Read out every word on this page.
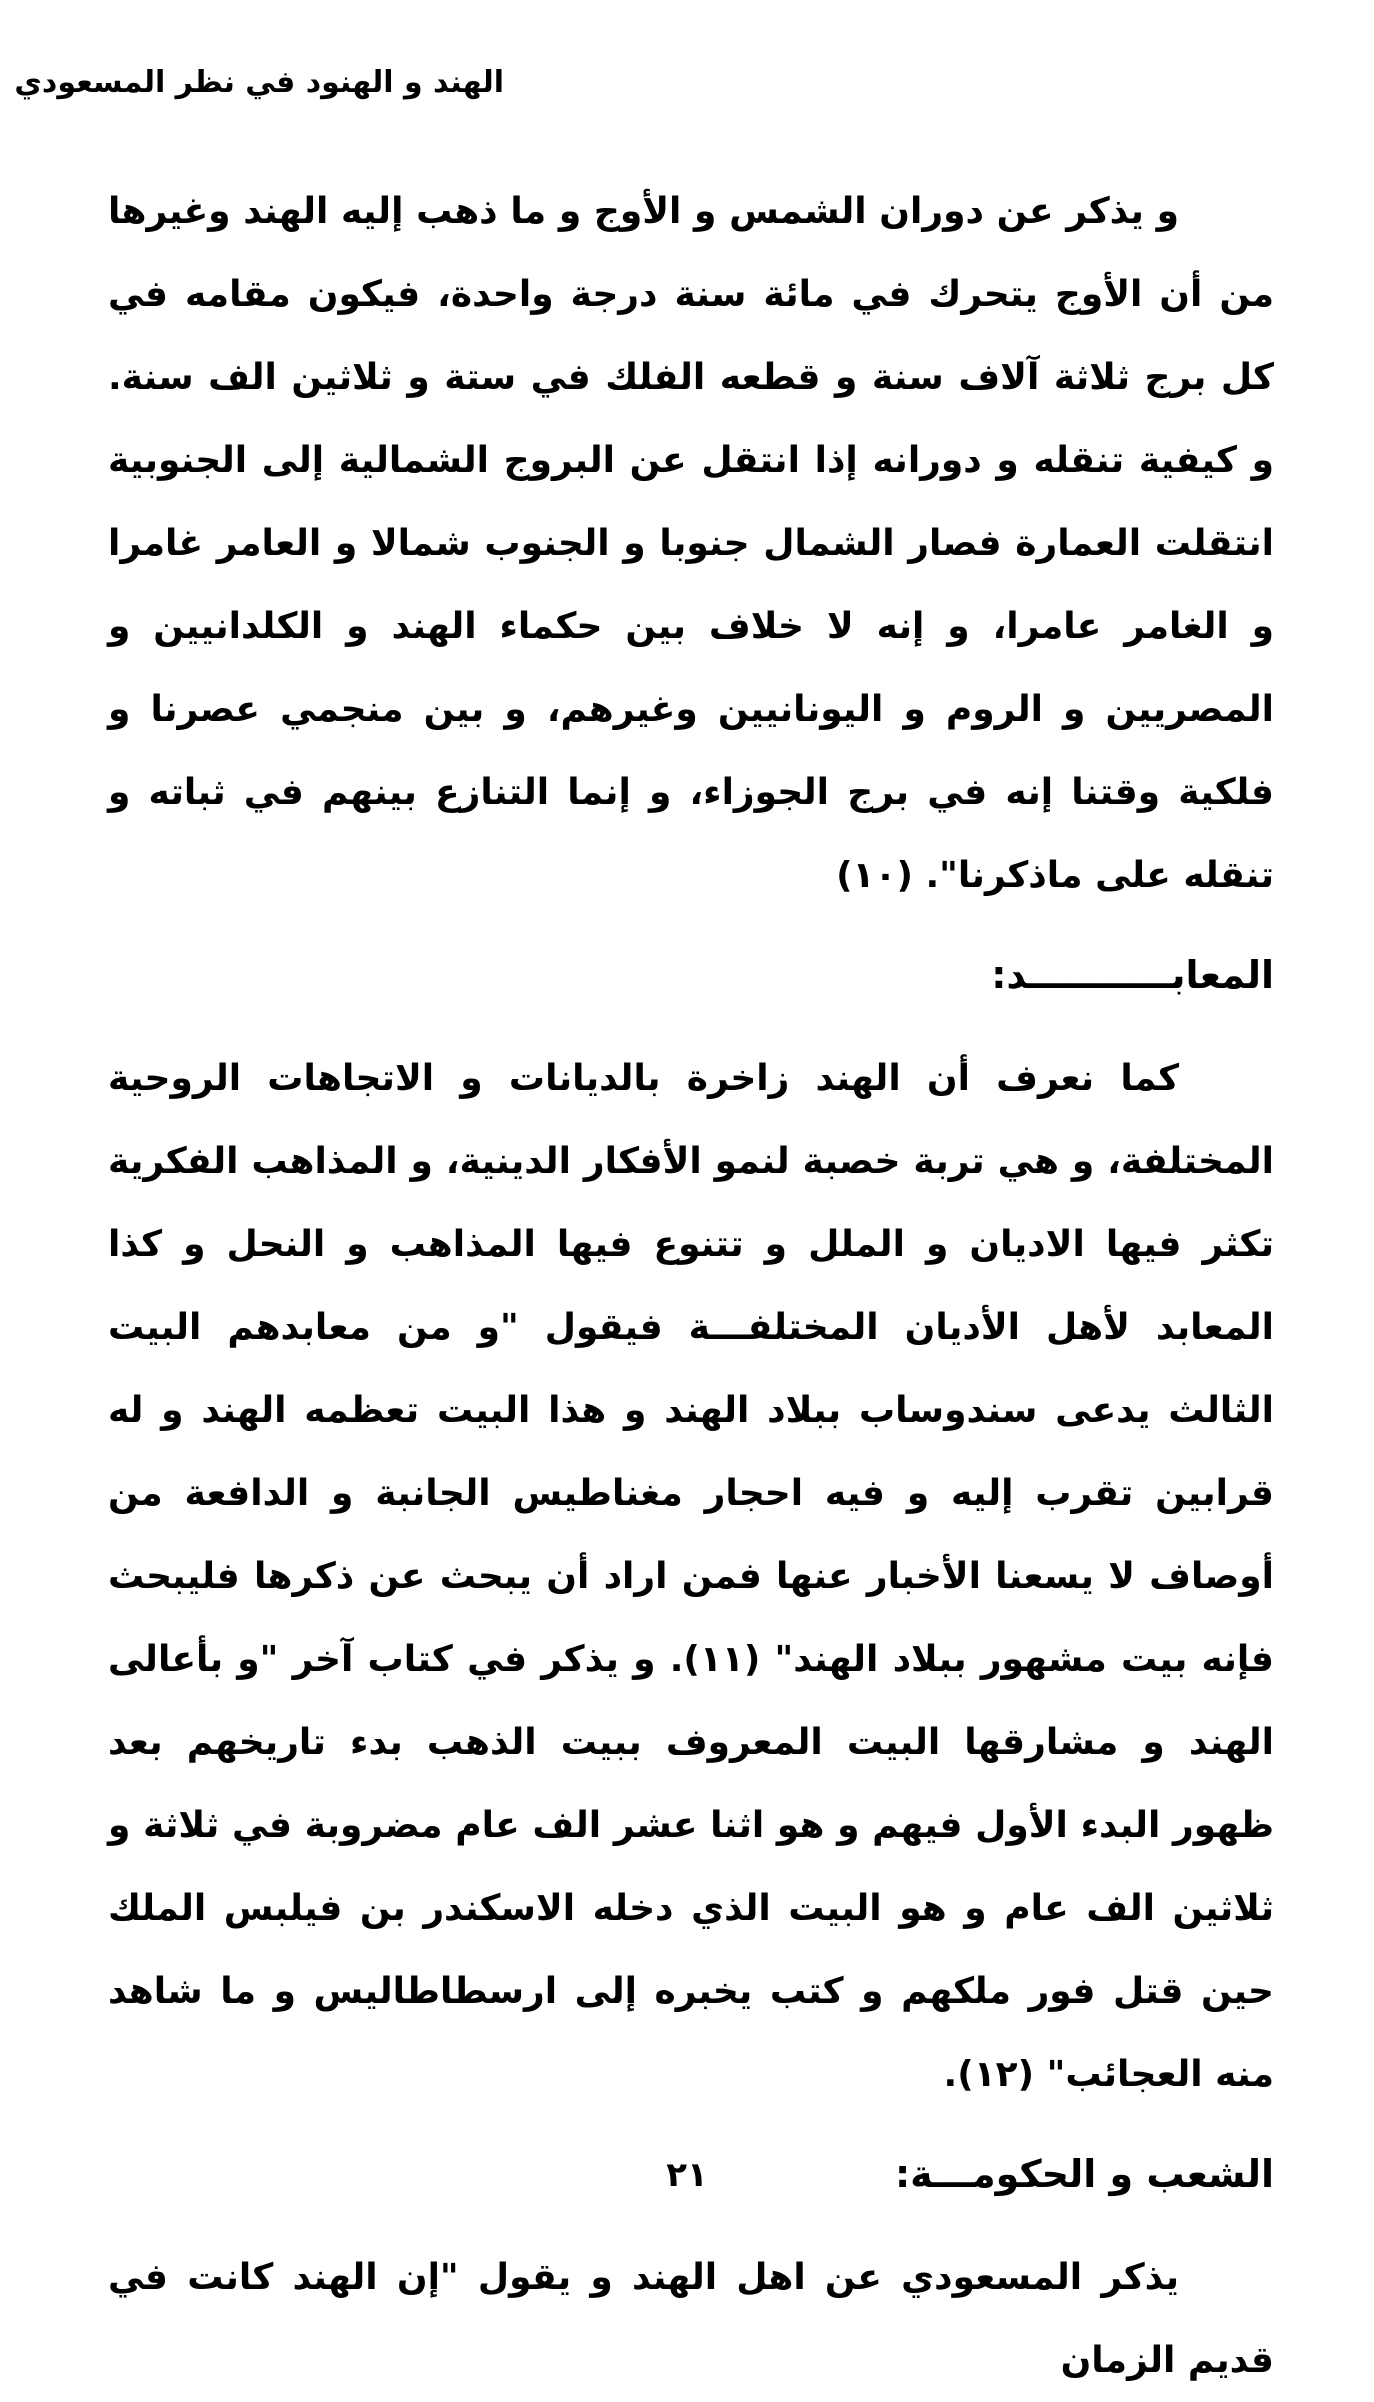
الهند و الهنود في نظر المسعودي

و يذكر عن دوران الشمس و الأوج و ما ذهب إليه الهند وغيرها من أن الأوج يتحرك في مائة سنة درجة واحدة، فيكون مقامه في كل برج ثلاثة آلاف سنة و قطعه الفلك في ستة و ثلاثين الف سنة. و كيفية تنقله و دورانه إذا انتقل عن البروج الشمالية إلى الجنوبية انتقلت العمارة فصار الشمال جنوبا و الجنوب شمالا و العامر غامرا و الغامر عامرا، و إنه لا خلاف بين حكماء الهند و الكلدانيين و المصريين و الروم و اليونانيين وغيرهم، و بين منجمي عصرنا و فلكية وقتنا إنه في برج الجوزاء، و إنما التنازع بينهم في ثباته و تنقله على ماذكرنا". (١٠)

المعابـــــــــــد:

كما نعرف أن الهند زاخرة بالديانات و الاتجاهات الروحية المختلفة، و هي تربة خصبة لنمو الأفكار الدينية، و المذاهب الفكرية تكثر فيها الاديان و الملل و تتنوع فيها المذاهب و النحل و كذا المعابد لأهل الأديان المختلفـــة فيقول "و من معابدهم البيت الثالث يدعى سندوساب ببلاد الهند و هذا البيت تعظمه الهند و له قرابين تقرب إليه و فيه احجار مغناطيس الجانبة و الدافعة من أوصاف لا يسعنا الأخبار عنها فمن اراد أن يبحث عن ذكرها فليبحث فإنه بيت مشهور ببلاد الهند" (١١). و يذكر في كتاب آخر "و بأعالى الهند و مشارقها البيت المعروف ببيت الذهب بدء تاريخهم بعد ظهور البدء الأول فيهم و هو اثنا عشر الف عام مضروبة في ثلاثة و ثلاثين الف عام و هو البيت الذي دخله الاسكندر بن فيلبس الملك حين قتل فور ملكهم و كتب يخبره إلى ارسطاطاليس و ما شاهد منه العجائب" (١٢).

الشعب و الحكومـــة:

يذكر المسعودي عن اهل الهند و يقول "إن الهند كانت في قديم الزمان

٢١
